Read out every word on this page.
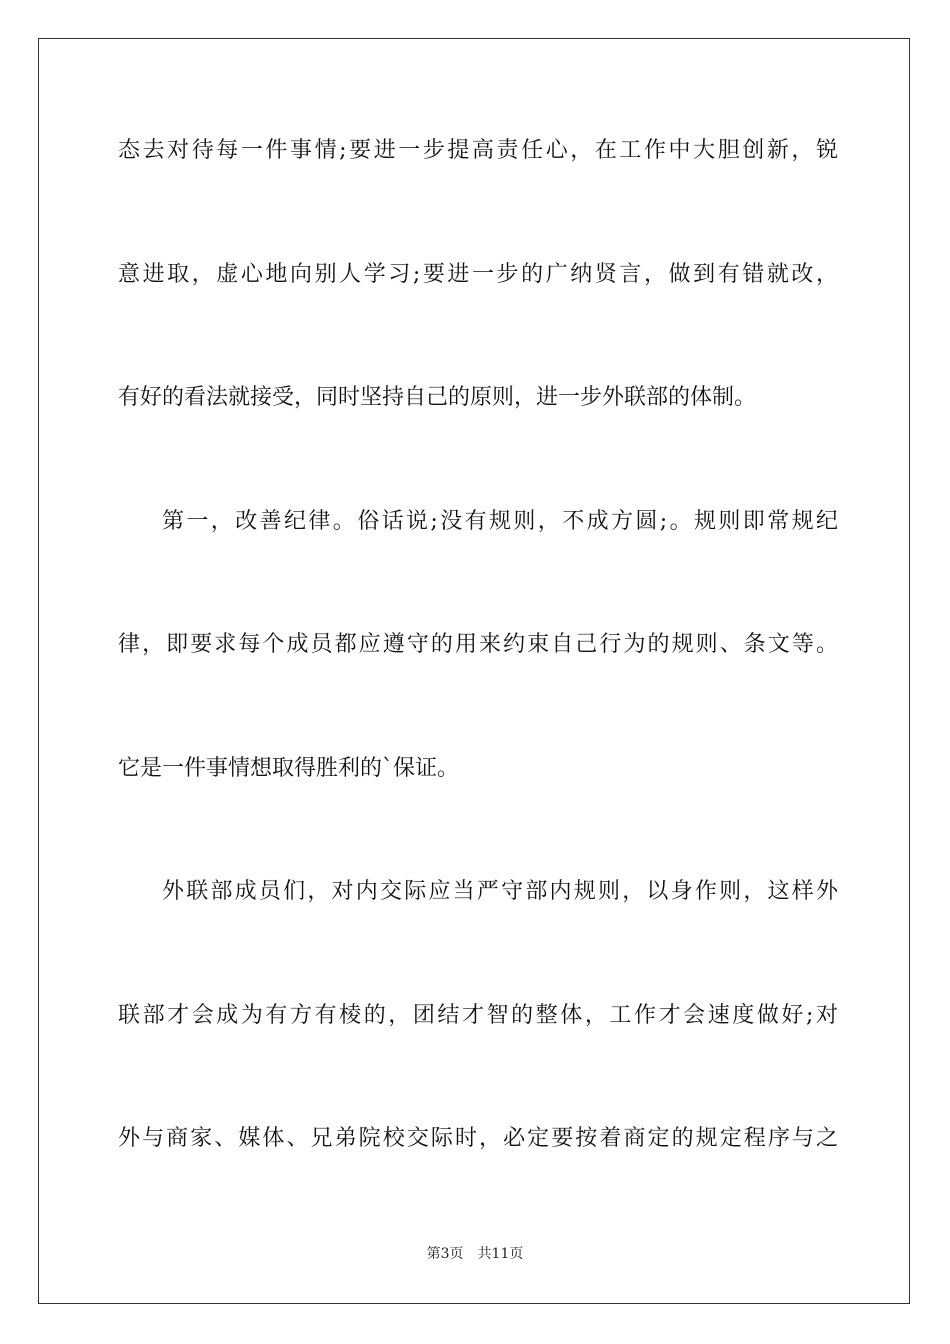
态去对待每一件事情;要进一步提高责任心，在工作中大胆创新，锐
意进取，虚心地向别人学习;要进一步的广纳贤言，做到有错就改，
有好的看法就接受，同时坚持自己的原则，进一步外联部的体制。
第一，改善纪律。俗话说;没有规则，不成方圆;。规则即常规纪
律，即要求每个成员都应遵守的用来约束自己行为的规则、条文等。
它是一件事情想取得胜利的`保证。
外联部成员们，对内交际应当严守部内规则，以身作则，这样外
联部才会成为有方有棱的，团结才智的整体，工作才会速度做好;对
外与商家、媒体、兄弟院校交际时，必定要按着商定的规定程序与之
第3页 共11页
